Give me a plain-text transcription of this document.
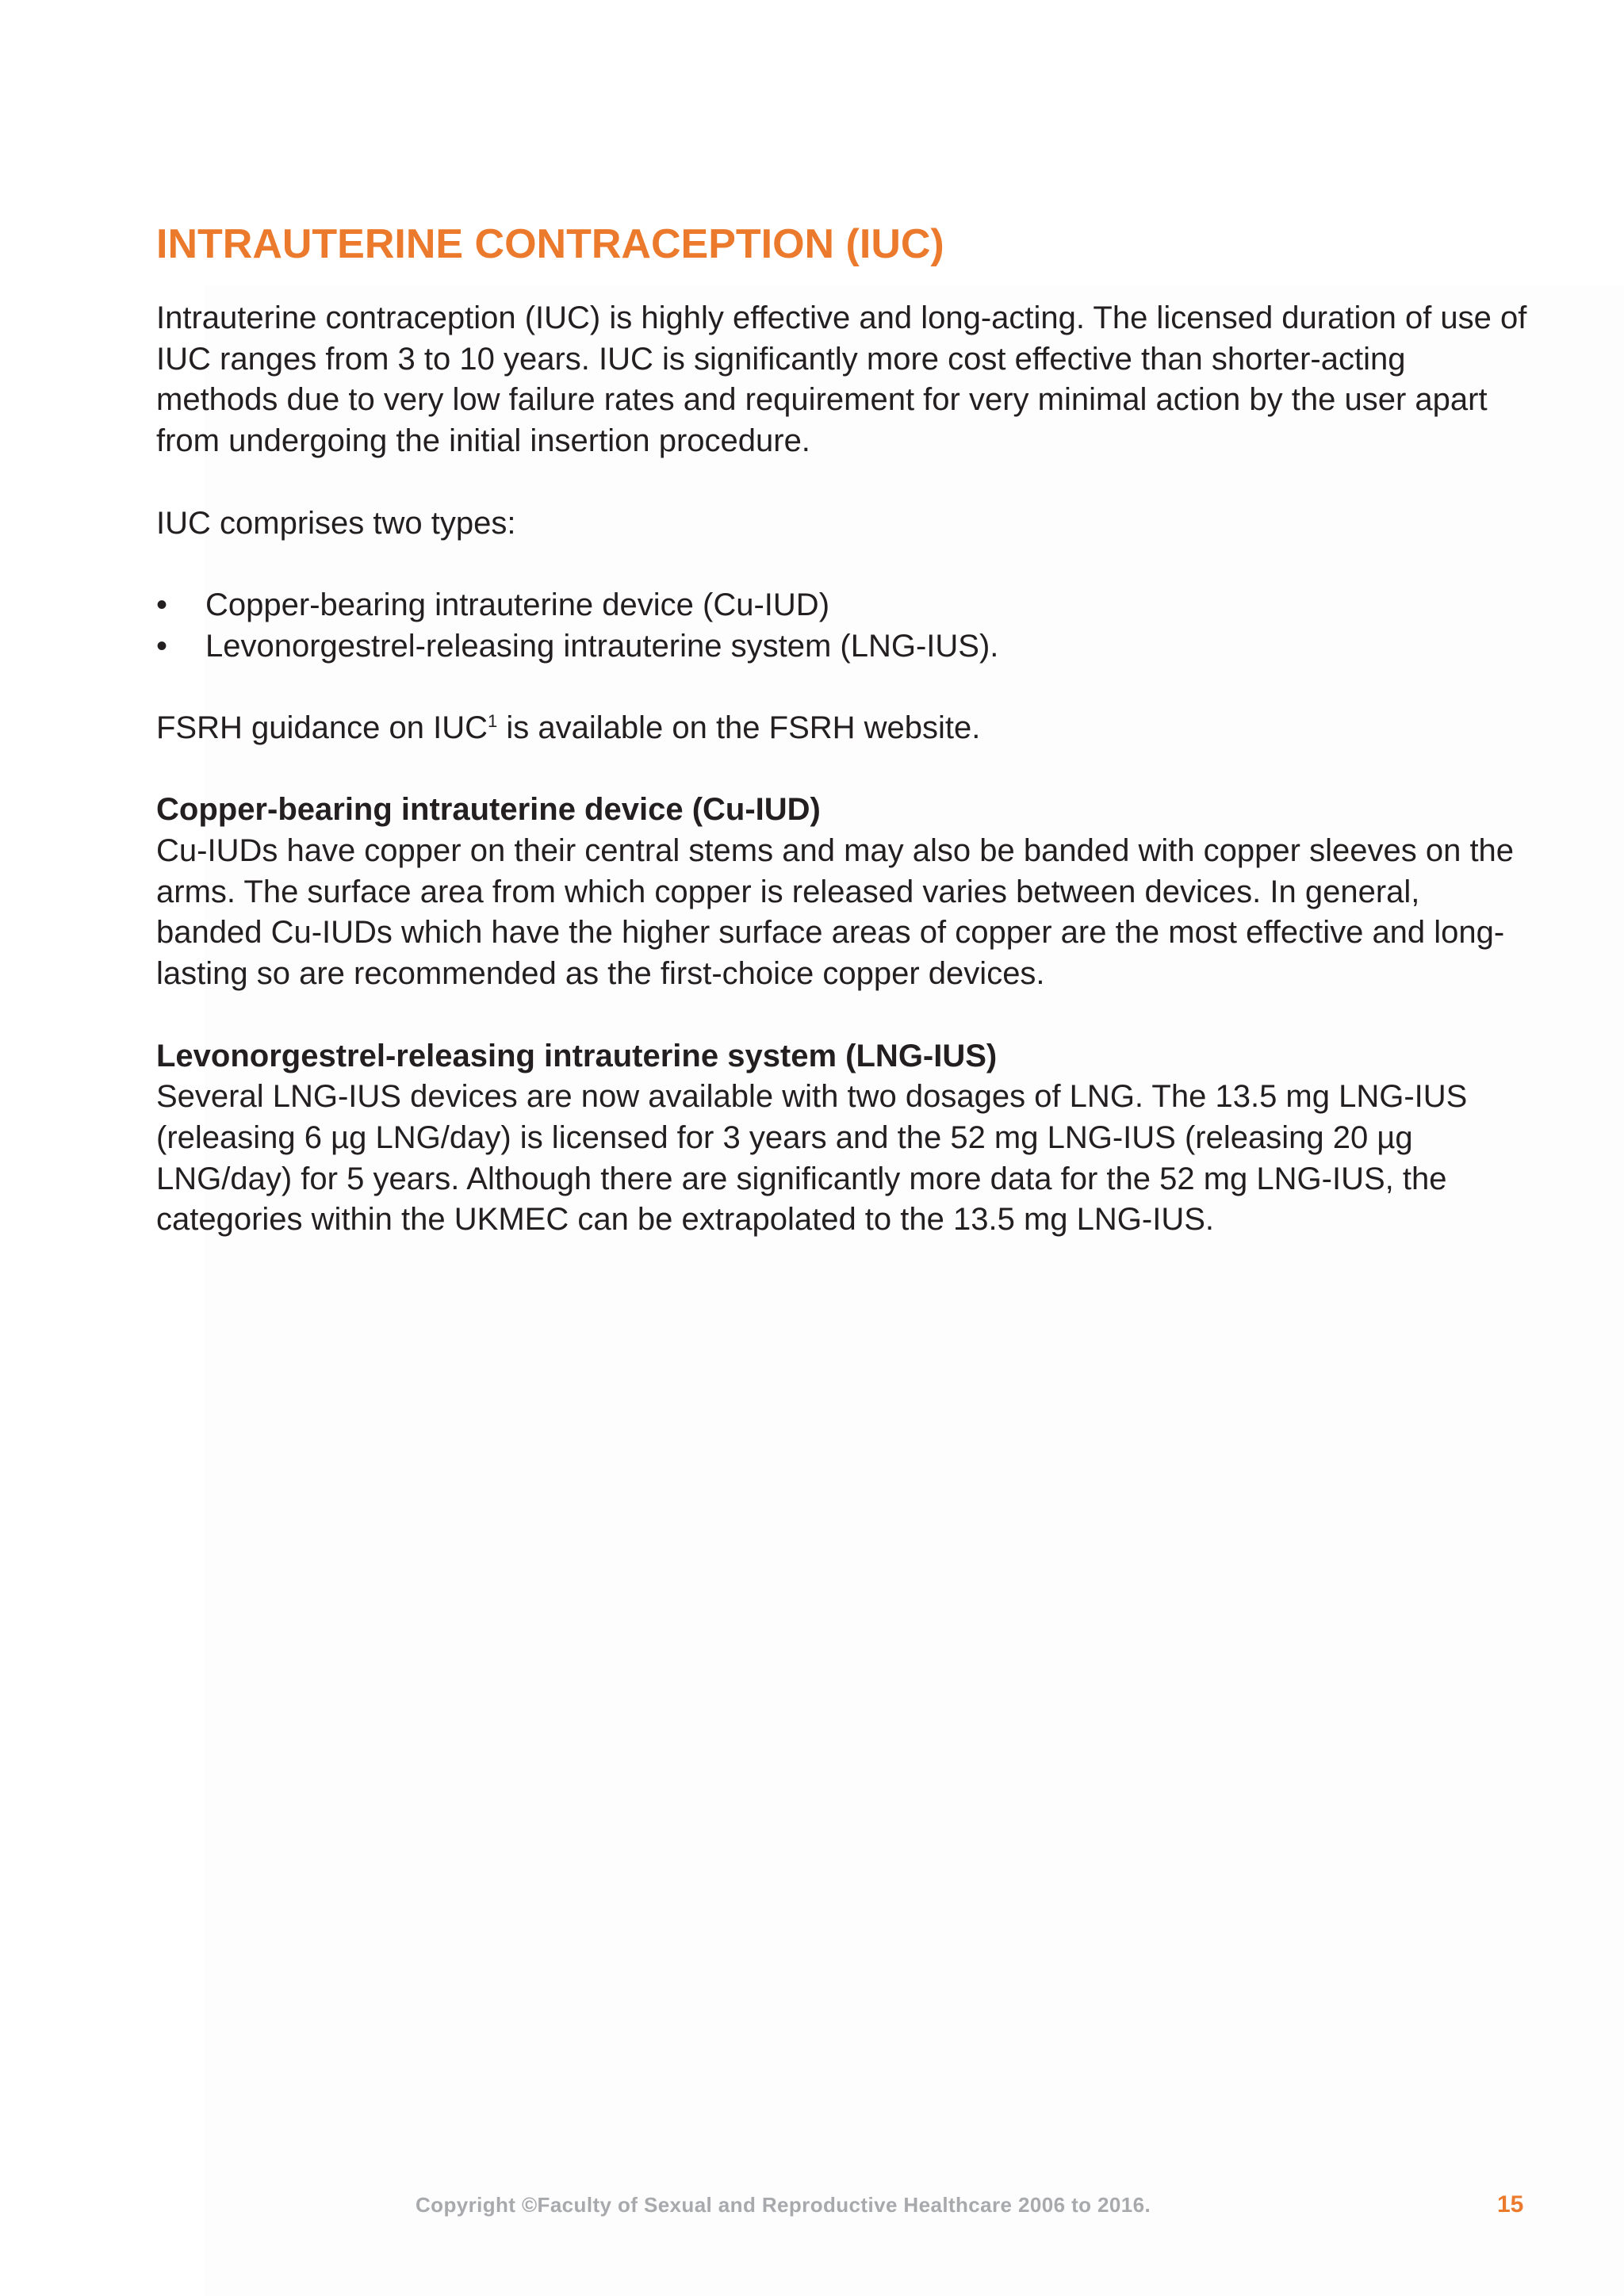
INTRAUTERINE CONTRACEPTION (IUC)

Intrauterine contraception (IUC) is highly effective and long-acting. The licensed duration of use of IUC ranges from 3 to 10 years. IUC is significantly more cost effective than shorter-acting methods due to very low failure rates and requirement for very minimal action by the user apart from undergoing the initial insertion procedure.

IUC comprises two types:

• Copper-bearing intrauterine device (Cu-IUD)
• Levonorgestrel-releasing intrauterine system (LNG-IUS).

FSRH guidance on IUC$^1$ is available on the FSRH website.

Copper-bearing intrauterine device (Cu-IUD)

Cu-IUDs have copper on their central stems and may also be banded with copper sleeves on the arms. The surface area from which copper is released varies between devices. In general, banded Cu-IUDs which have the higher surface areas of copper are the most effective and long-lasting so are recommended as the first-choice copper devices.

Levonorgestrel-releasing intrauterine system (LNG-IUS)

Several LNG-IUS devices are now available with two dosages of LNG. The 13.5 mg LNG-IUS (releasing 6 µg LNG/day) is licensed for 3 years and the 52 mg LNG-IUS (releasing 20 µg LNG/day) for 5 years. Although there are significantly more data for the 52 mg LNG-IUS, the categories within the UKMEC can be extrapolated to the 13.5 mg LNG-IUS.

Copyright ©Faculty of Sexual and Reproductive Healthcare 2006 to 2016.	15
